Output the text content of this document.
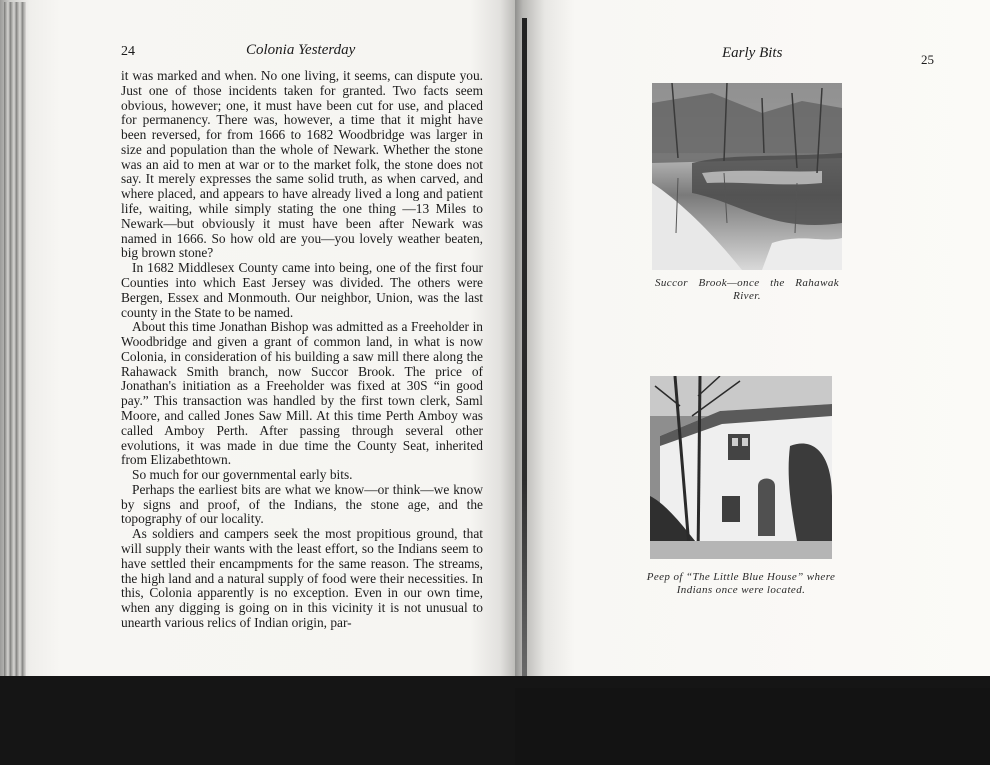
24	Colonia Yesterday

it was marked and when. No one living, it seems, can dispute you. Just one of those incidents taken for granted. Two facts seem obvious, however; one, it must have been cut for use, and placed for permanency. There was, however, a time that it might have been reversed, for from 1666 to 1682 Woodbridge was larger in size and population than the whole of Newark. Whether the stone was an aid to men at war or to the market folk, the stone does not say. It merely expresses the same solid truth, as when carved, and where placed, and appears to have already lived a long and patient life, waiting, while simply stating the one thing —13 Miles to Newark—but obviously it must have been after Newark was named in 1666. So how old are you—you lovely weather beaten, big brown stone?

In 1682 Middlesex County came into being, one of the first four Counties into which East Jersey was divided. The others were Bergen, Essex and Monmouth. Our neighbor, Union, was the last county in the State to be named.

About this time Jonathan Bishop was admitted as a Freeholder in Woodbridge and given a grant of common land, in what is now Colonia, in consideration of his building a saw mill there along the Rahawack Smith branch, now Succor Brook. The price of Jonathan's initiation as a Freeholder was fixed at 30S “in good pay.” This transaction was handled by the first town clerk, Saml Moore, and called Jones Saw Mill. At this time Perth Amboy was called Amboy Perth. After passing through several other evolutions, it was made in due time the County Seat, inherited from Elizabethtown.

So much for our governmental early bits.

Perhaps the earliest bits are what we know—or think—we know by signs and proof, of the Indians, the stone age, and the topography of our locality.

As soldiers and campers seek the most propitious ground, that will supply their wants with the least effort, so the Indians seem to have settled their encampments for the same reason. The streams, the high land and a natural supply of food were their necessities. In this, Colonia apparently is no exception. Even in our own time, when any digging is going on in this vicinity it is not unusual to unearth various relics of Indian origin, par-

Early Bits	25
Succor Brook—once the Rahawak River.
Peep of “The Little Blue House” where Indians once were located.
